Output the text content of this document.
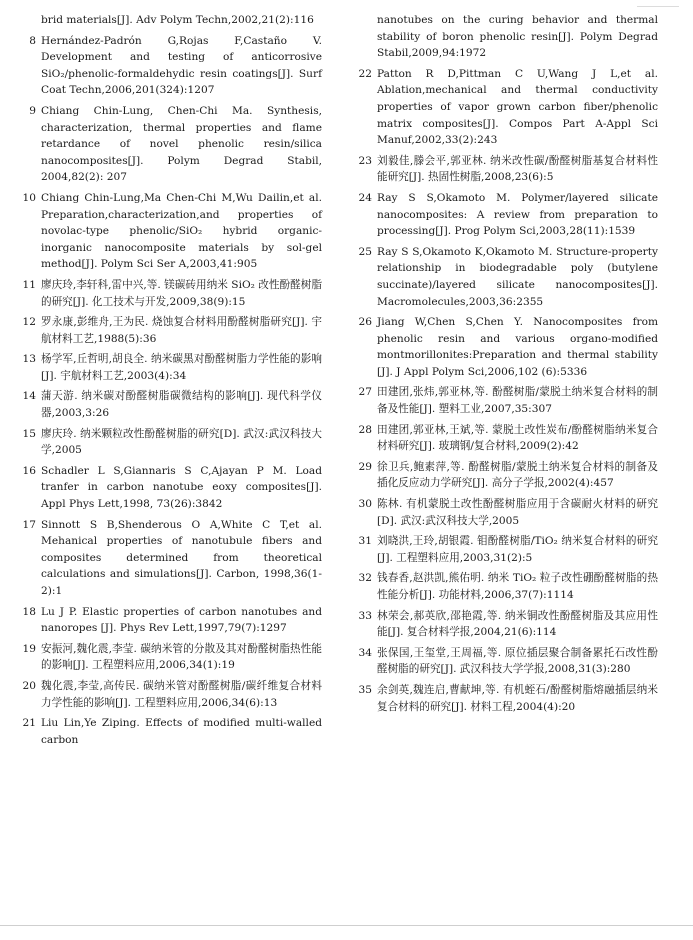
brid materials[J]. Adv Polym Techn,2002,21(2):116
8 Hernández-Padrón G,Rojas F,Castaño V. Development and testing of anticorrosive SiO₂/phenolic-formaldehydic resin coatings[J]. Surf Coat Techn,2006,201(324):1207
9 Chiang Chin-Lung, Chen-Chi Ma. Synthesis, characterization, thermal properties and flame retardance of novel phenolic resin/silica nanocomposites[J]. Polym Degrad Stabil, 2004,82(2): 207
10 Chiang Chin-Lung,Ma Chen-Chi M,Wu Dailin,et al. Preparation,characterization,and properties of novolac-type phenolic/SiO₂ hybrid organic-inorganic nanocomposite materials by sol-gel method[J]. Polym Sci Ser A,2003,41:905
11 廖庆玲,李轩科,雷中兴,等. 镁碳砖用纳米 SiO₂ 改性酚醛树脂的研究[J]. 化工技术与开发,2009,38(9):15
12 罗永康,彭维舟,王为民. 烧蚀复合材料用酚醛树脂研究[J]. 宇航材料工艺,1988(5):36
13 杨学军,丘哲明,胡良全. 纳米碳黑对酚醛树脂力学性能的影响[J]. 宇航材料工艺,2003(4):34
14 蒲天游. 纳米碳对酚醛树脂碳微结构的影响[J]. 现代科学仪器,2003,3:26
15 廖庆玲. 纳米颗粒改性酚醛树脂的研究[D]. 武汉:武汉科技大学,2005
16 Schadler L S,Giannaris S C,Ajayan P M. Load tranfer in carbon nanotube eoxy composites[J]. Appl Phys Lett,1998, 73(26):3842
17 Sinnott S B,Shenderous O A,White C T,et al. Mehanical properties of nanotubule fibers and composites determined from theoretical calculations and simulations[J]. Carbon, 1998,36(1-2):1
18 Lu J P. Elastic properties of carbon nanotubes and nanoropes [J]. Phys Rev Lett,1997,79(7):1297
19 安振河,魏化震,李莹. 碳纳米管的分散及其对酚醛树脂热性能的影响[J]. 工程塑料应用,2006,34(1):19
20 魏化震,李莹,高传民. 碳纳米管对酚醛树脂/碳纤维复合材料力学性能的影响[J]. 工程塑料应用,2006,34(6):13
21 Liu Lin,Ye Ziping. Effects of modified multi-walled carbon
nanotubes on the curing behavior and thermal stability of boron phenolic resin[J]. Polym Degrad Stabil,2009,94:1972
22 Patton R D,Pittman C U,Wang J L,et al. Ablation,mechanical and thermal conductivity properties of vapor grown carbon fiber/phenolic matrix composites[J]. Compos Part A-Appl Sci Manuf,2002,33(2):243
23 刘毅佳,滕会平,郭亚林. 纳米改性碳/酚醛树脂基复合材料性能研究[J]. 热固性树脂,2008,23(6):5
24 Ray S S,Okamoto M. Polymer/layered silicate nanocomposites: A review from preparation to processing[J]. Prog Polym Sci,2003,28(11):1539
25 Ray S S,Okamoto K,Okamoto M. Structure-property relationship in biodegradable poly (butylene succinate)/layered silicate nanocomposites[J]. Macromolecules,2003,36:2355
26 Jiang W,Chen S,Chen Y. Nanocomposites from phenolic resin and various organo-modified montmorillonites:Preparation and thermal stability [J]. J Appl Polym Sci,2006,102 (6):5336
27 田建团,张炜,郭亚林,等. 酚醛树脂/蒙脱土纳米复合材料的制备及性能[J]. 塑料工业,2007,35:307
28 田建团,郭亚林,王斌,等. 蒙脱土改性炭布/酚醛树脂纳米复合材料研究[J]. 玻璃钢/复合材料,2009(2):42
29 徐卫兵,鲍素萍,等. 酚醛树脂/蒙脱土纳米复合材料的制备及插化反应动力学研究[J]. 高分子学报,2002(4):457
30 陈林. 有机蒙脱土改性酚醛树脂应用于含碳耐火材料的研究[D]. 武汉:武汉科技大学,2005
31 刘晓洪,王玲,胡银霞. 钼酚醛树脂/TiO₂ 纳米复合材料的研究[J]. 工程塑料应用,2003,31(2):5
32 钱春香,赵洪凯,熊佑明. 纳米 TiO₂ 粒子改性硼酚醛树脂的热性能分析[J]. 功能材料,2006,37(7):1114
33 林荣会,郝英欣,邵艳霞,等. 纳米铜改性酚醛树脂及其应用性能[J]. 复合材料学报,2004,21(6):114
34 张保国,王玺堂,王周福,等. 原位插层聚合制备累托石改性酚醛树脂的研究[J]. 武汉科技大学学报,2008,31(3):280
35 余剑英,魏连启,曹献坤,等. 有机蛭石/酚醛树脂熔融插层纳米复合材料的研究[J]. 材料工程,2004(4):20
